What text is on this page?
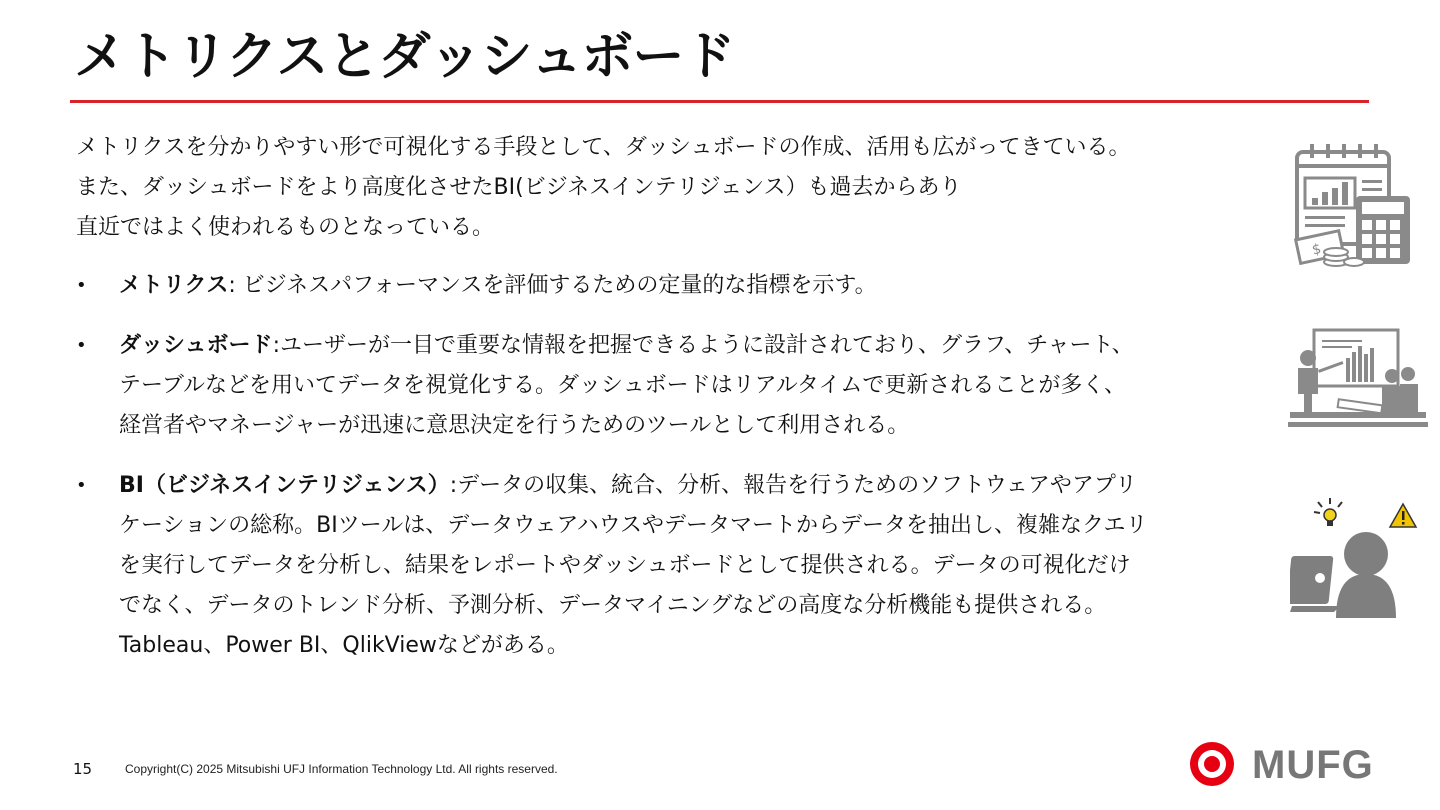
メトリクスとダッシュボード
メトリクスを分かりやすい形で可視化する手段として、ダッシュボードの作成、活用も広がってきている。
また、ダッシュボードをより高度化させたBI(ビジネスインテリジェンス）も過去からあり
直近ではよく使われるものとなっている。
• メトリクス: ビジネスパフォーマンスを評価するための定量的な指標を示す。
• ダッシュボード:ユーザーが一目で重要な情報を把握できるように設計されており、グラフ、チャート、
テーブルなどを用いてデータを視覚化する。ダッシュボードはリアルタイムで更新されることが多く、
経営者やマネージャーが迅速に意思決定を行うためのツールとして利用される。
• BI（ビジネスインテリジェンス）:データの収集、統合、分析、報告を行うためのソフトウェアやアプリ
ケーションの総称。BIツールは、データウェアハウスやデータマートからデータを抽出し、複雑なクエリ
を実行してデータを分析し、結果をレポートやダッシュボードとして提供される。データの可視化だけ
でなく、データのトレンド分析、予測分析、データマイニングなどの高度な分析機能も提供される。
Tableau、Power BI、QlikViewなどがある。
$
15	Copyright(C) 2025 Mitsubishi UFJ Information Technology Ltd. All rights reserved.	MUFG
